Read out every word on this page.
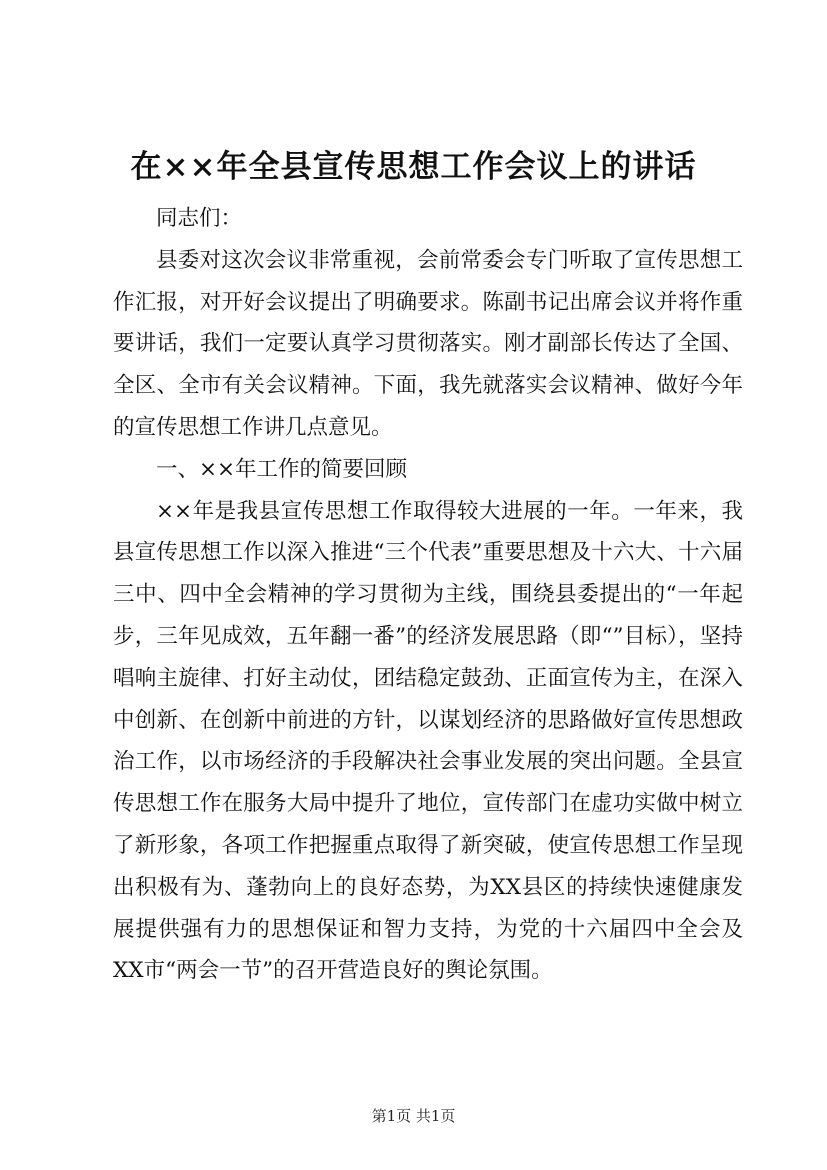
在××年全县宣传思想工作会议上的讲话

同志们：

县委对这次会议非常重视，会前常委会专门听取了宣传思想工作汇报，对开好会议提出了明确要求。陈副书记出席会议并将作重要讲话，我们一定要认真学习贯彻落实。刚才副部长传达了全国、全区、全市有关会议精神。下面，我先就落实会议精神、做好今年的宣传思想工作讲几点意见。

一、××年工作的简要回顾

××年是我县宣传思想工作取得较大进展的一年。一年来，我县宣传思想工作以深入推进“三个代表”重要思想及十六大、十六届三中、四中全会精神的学习贯彻为主线，围绕县委提出的“一年起步，三年见成效，五年翻一番”的经济发展思路（即“”目标），坚持唱响主旋律、打好主动仗，团结稳定鼓劲、正面宣传为主，在深入中创新、在创新中前进的方针，以谋划经济的思路做好宣传思想政治工作，以市场经济的手段解决社会事业发展的突出问题。全县宣传思想工作在服务大局中提升了地位，宣传部门在虚功实做中树立了新形象，各项工作把握重点取得了新突破，使宣传思想工作呈现出积极有为、蓬勃向上的良好态势，为XX县区的持续快速健康发展提供强有力的思想保证和智力支持，为党的十六届四中全会及XX市“两会一节”的召开营造良好的舆论氛围。

第1页 共1页
